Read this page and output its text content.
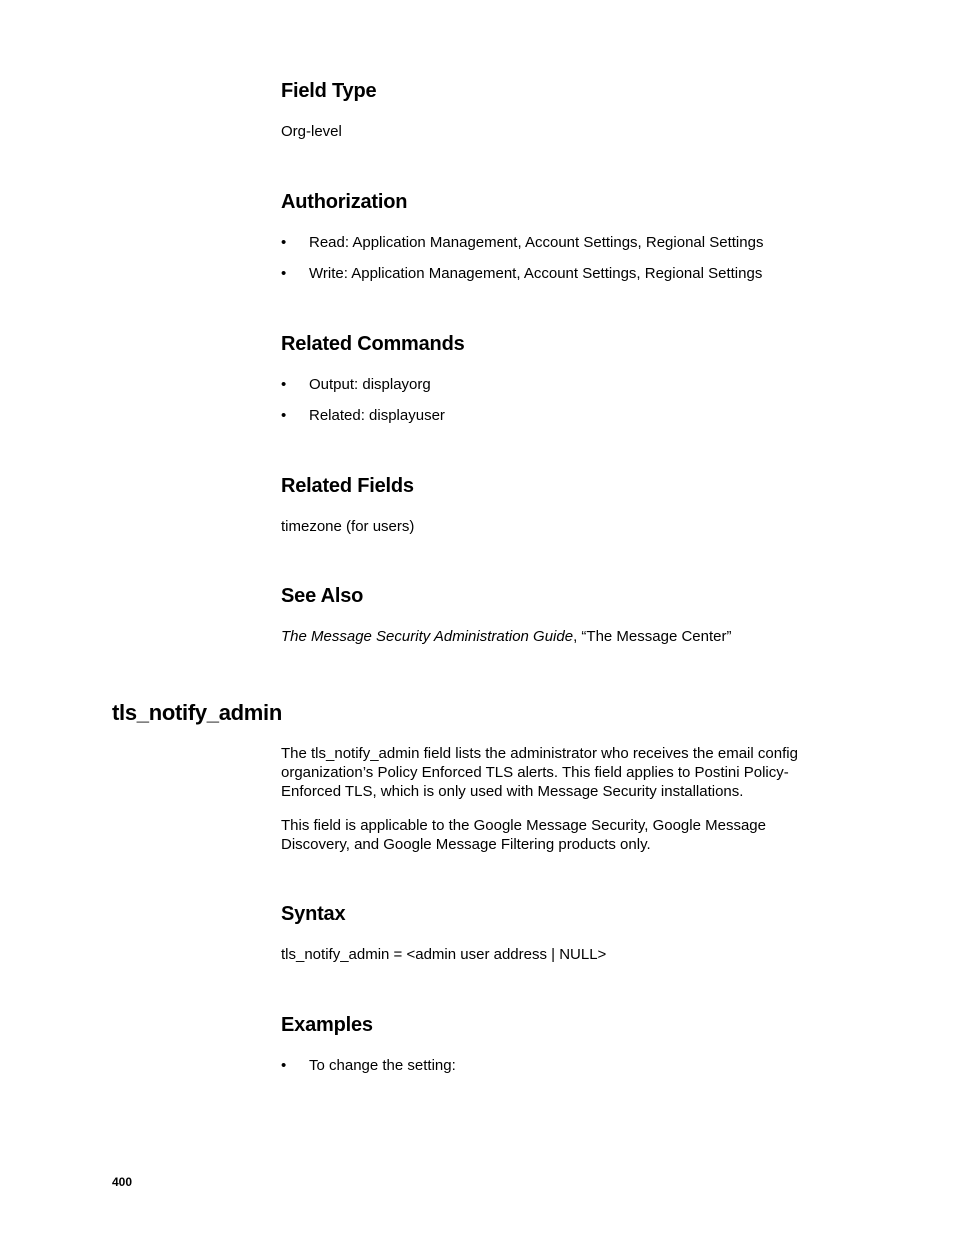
Field Type

Org-level

Authorization
• Read: Application Management, Account Settings, Regional Settings
• Write: Application Management, Account Settings, Regional Settings
Related Commands
• Output: displayorg
• Related: displayuser
Related Fields

timezone (for users)

See Also

The Message Security Administration Guide, “The Message Center”

tls_notify_admin

The tls_notify_admin field lists the administrator who receives the email config

organization’s Policy Enforced TLS alerts. This field applies to Postini Policy-

Enforced TLS, which is only used with Message Security installations.

This field is applicable to the Google Message Security, Google Message

Discovery, and Google Message Filtering products only.

Syntax

tls_notify_admin = <admin user address | NULL>

Examples
• To change the setting:
400
